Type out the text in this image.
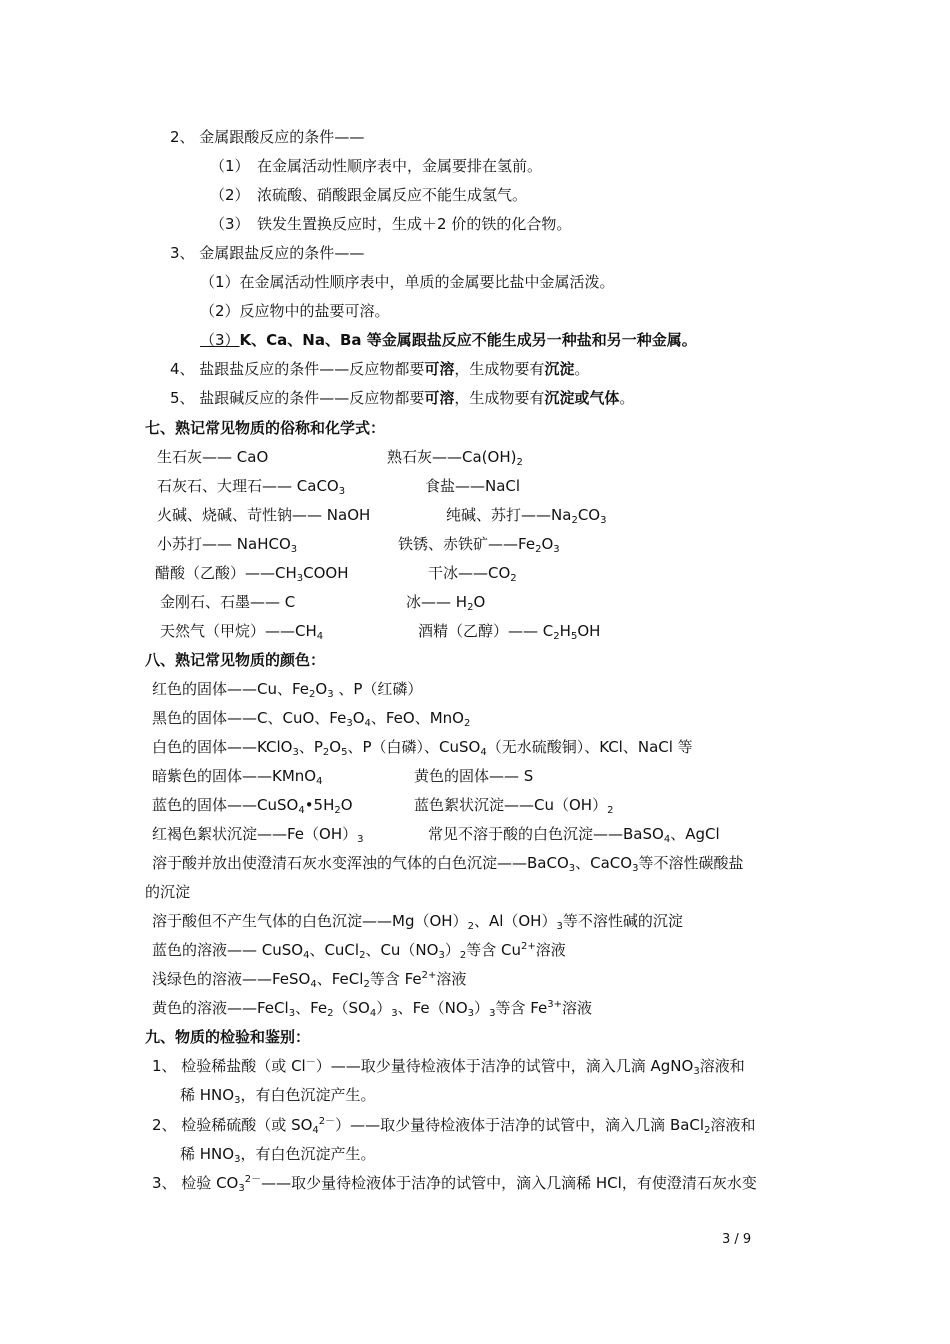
2、 金属跟酸反应的条件——
（1）　在金属活动性顺序表中，金属要排在氢前。
（2）　浓硫酸、硝酸跟金属反应不能生成氢气。
（3）　铁发生置换反应时，生成＋2 价的铁的化合物。
3、 金属跟盐反应的条件——
（1）在金属活动性顺序表中，单质的金属要比盐中金属活泼。
（2）反应物中的盐要可溶。
（3）K、Ca、Na、Ba 等金属跟盐反应不能生成另一种盐和另一种金属。
4、 盐跟盐反应的条件——反应物都要可溶，生成物要有沉淀。
5、 盐跟碱反应的条件——反应物都要可溶，生成物要有沉淀或气体。
七、熟记常见物质的俗称和化学式：
生石灰—— CaO	熟石灰$——Ca(OH)_2$
石灰石、大理石—— CaCO$_3$	食盐——NaCl
火碱、烧碱、苛性钠—— NaOH	纯碱、苏打$——Na_2CO_3$
小苏打—— NaHCO$_3$	铁锈、赤铁矿$——Fe_2O_3$
醋酸（乙酸）$——CH_3COOH$	干冰$——CO_2$
金刚石、石墨—— C	冰—— $H_2O$
天然气（甲烷）$——CH_4$	酒精（乙醇）—— $C_2H_5OH$
八、熟记常见物质的颜色：
红色的固体——Cu、$Fe_2O_3$ 、P（红磷）
黑色的固体——C、CuO、$Fe_3O_4$、FeO、MnO$_2$
白色的固体——KClO$_3$、$P_2O_5$、P（白磷）、CuSO$_4$（无水硫酸铜）、KCl、NaCl 等
暗紫色的固体——KMnO$_4$	黄色的固体—— S
蓝色的固体$——CuSO_4•5H_2O$	蓝色絮状沉淀$——Cu(OH)_2$
红褐色絮状沉淀$——Fe(OH)_3$	常见不溶于酸的白色沉淀——BaSO$_4$、AgCl
溶于酸并放出使澄清石灰水变浑浊的气体的白色沉淀——BaCO$_3$、CaCO$_3$等不溶性碳酸盐
的沉淀
溶于酸但不产生气体的白色沉淀$——Mg(OH)_2$、$Al(OH)_3$等不溶性碱的沉淀
蓝色的溶液—— CuSO$_4$、CuCl$_2$、$Cu(NO_3)_2$等含 $Cu^{2+}$溶液
浅绿色的溶液——FeSO$_4$、FeCl$_2$等含 $Fe^{2+}$溶液
黄色的溶液——FeCl$_3$、$Fe_2(SO_4)_3$、$Fe(NO_3)_3$等含 $Fe^{3+}$溶液
九、物质的检验和鉴别：
1、 检验稀盐酸（或 Cl－）——取少量待检液体于洁净的试管中，滴入几滴 AgNO$_3$溶液和
稀 $HNO_3$，有白色沉淀产生。
2、 检验稀硫酸（或 $SO_4^{2-})——$取少量待检液体于洁净的试管中，滴入几滴 BaCl$_2$溶液和
稀 $HNO_3$，有白色沉淀产生。
3、 检验 $CO_3^{2-}——$取少量待检液体于洁净的试管中，滴入几滴稀 HCl，有使澄清石灰水变
3 / 9
